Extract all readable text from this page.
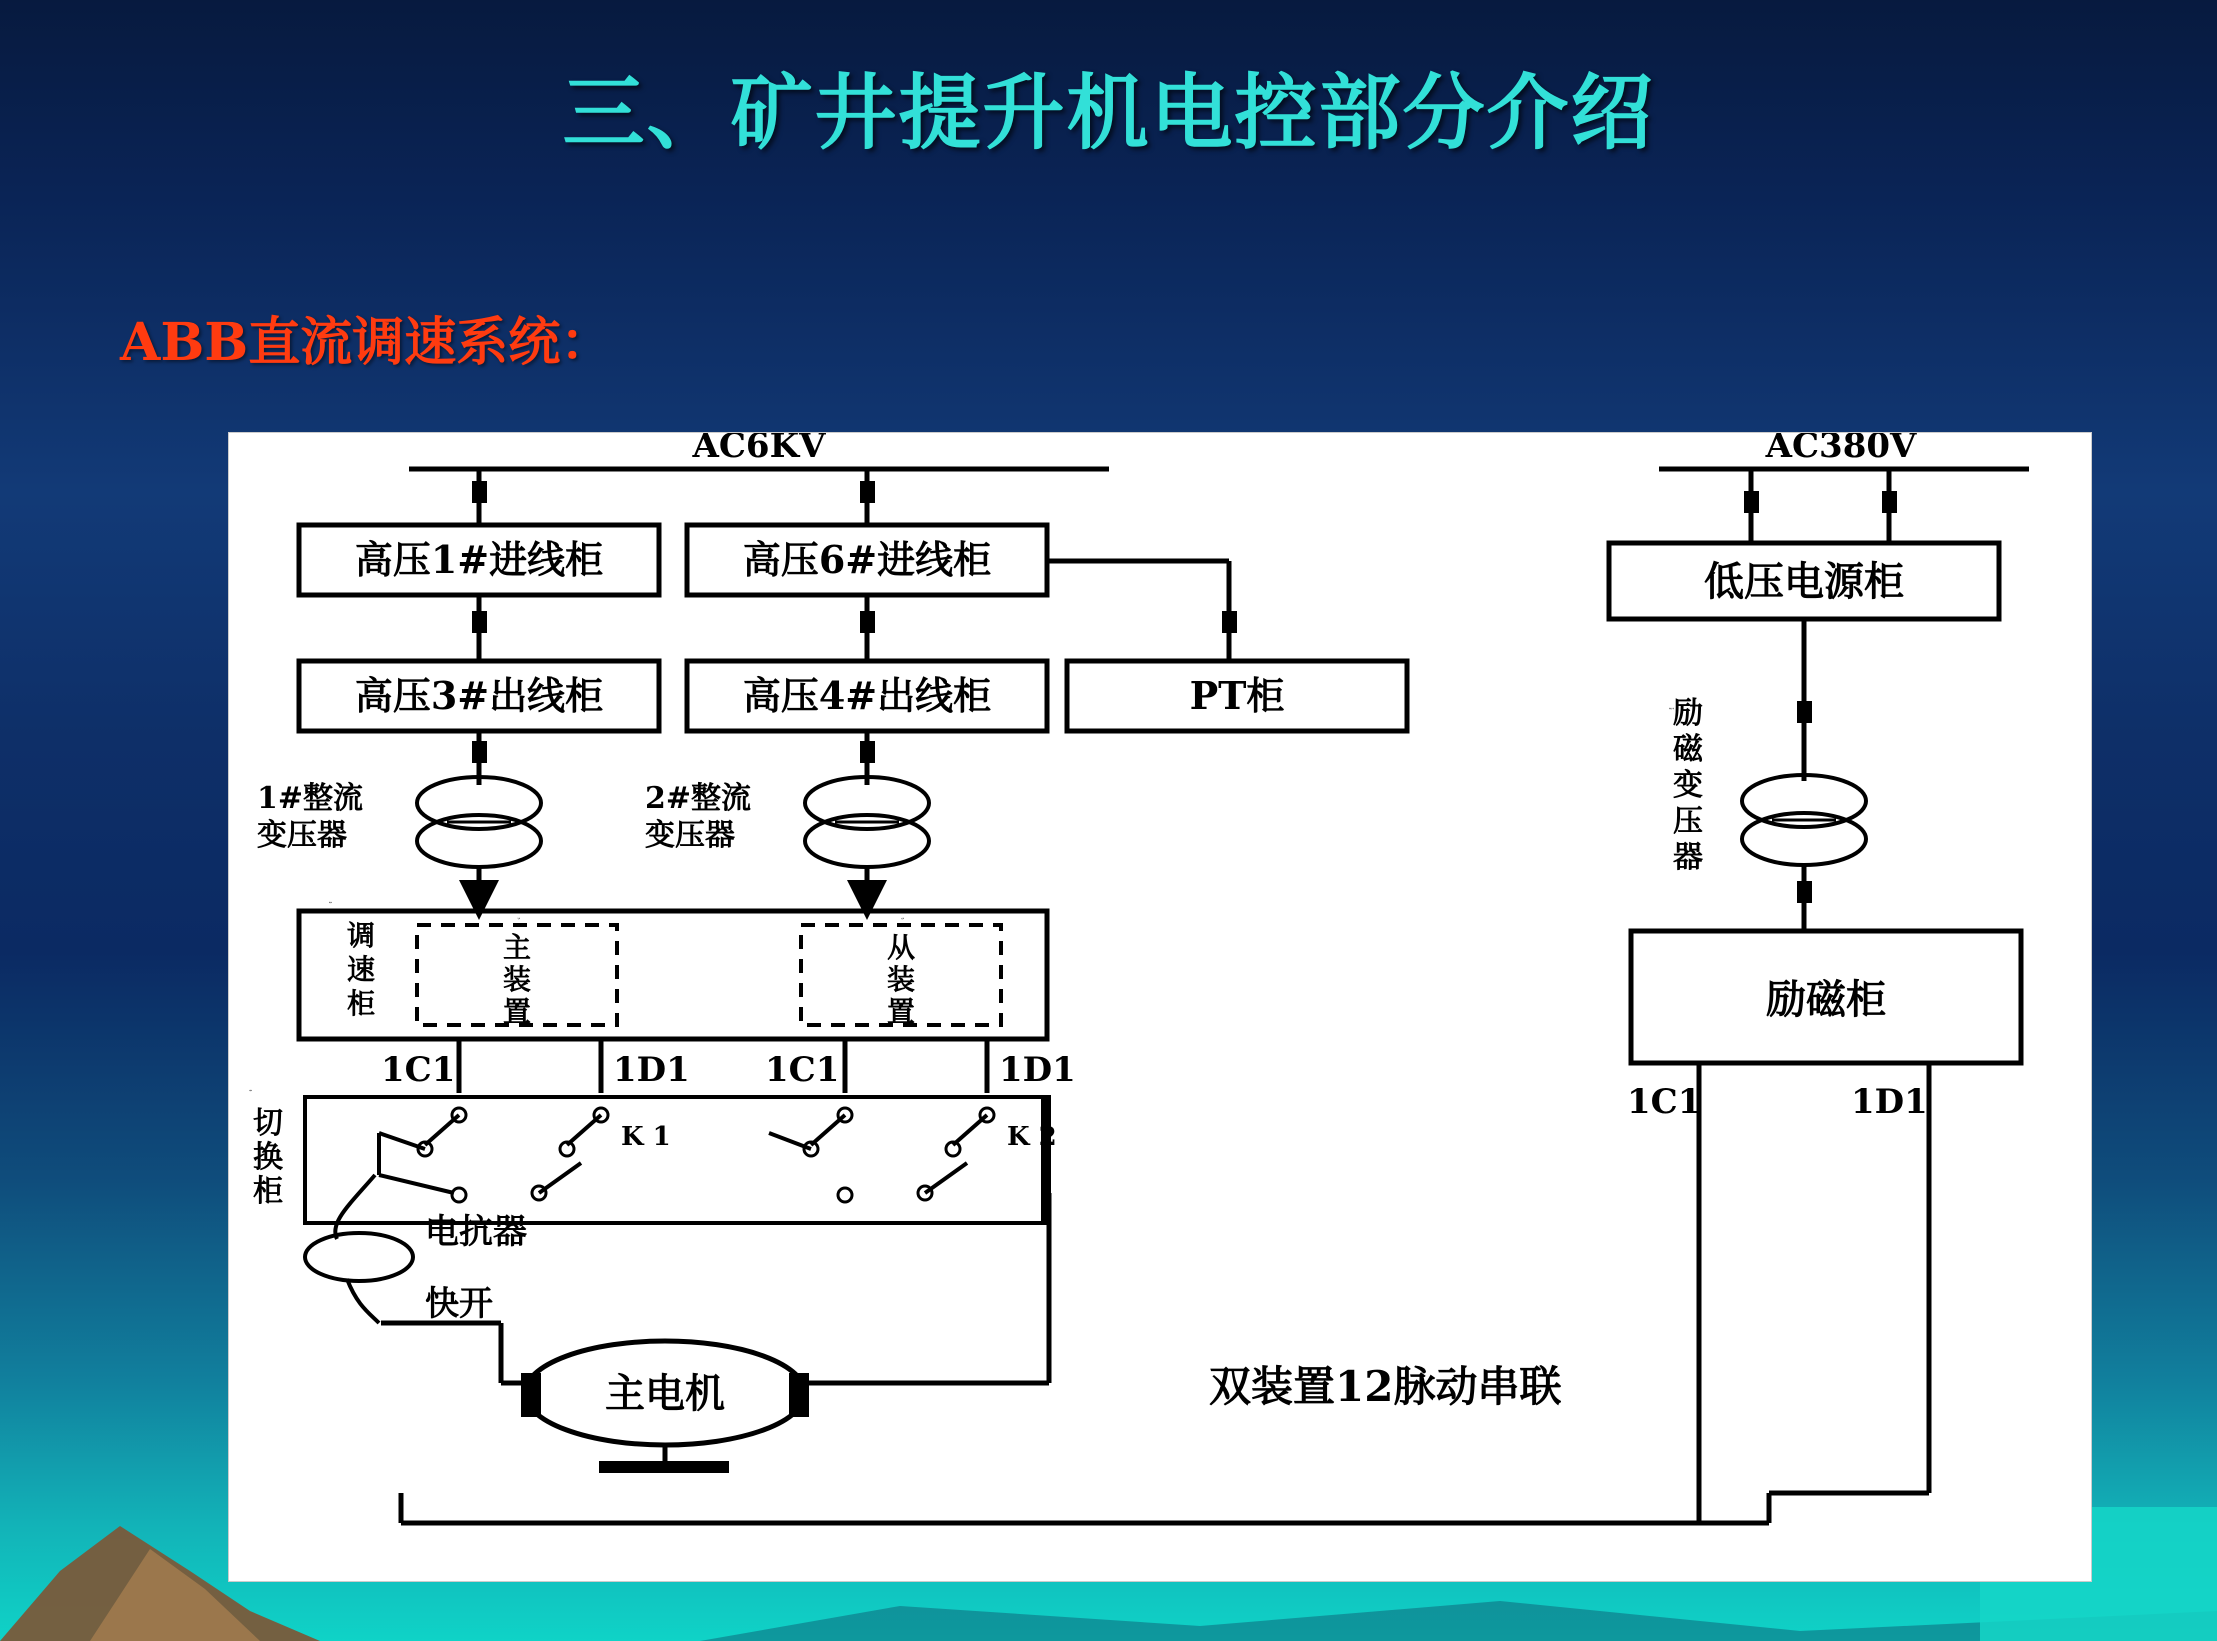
三、矿井提升机电控部分介绍
ABB直流调速系统：
AC6KV
高压1#进线柜	高压6#进线柜
高压3#出线柜	高压4#出线柜	PT柜
1#整流
变压器
2#整流
变压器
调
速
柜
调速柜
主
装
置
主装置
从
装
置
从装置
1C1	1D1 1C1	1D1
切
换
柜
切换柜
K 1	K 2
电抗器
快开
主电机	双装置12脉动串联
AC380V
低压电源柜
励
磁
变
压
器
励磁变压器
励磁柜
1C1	1D1
